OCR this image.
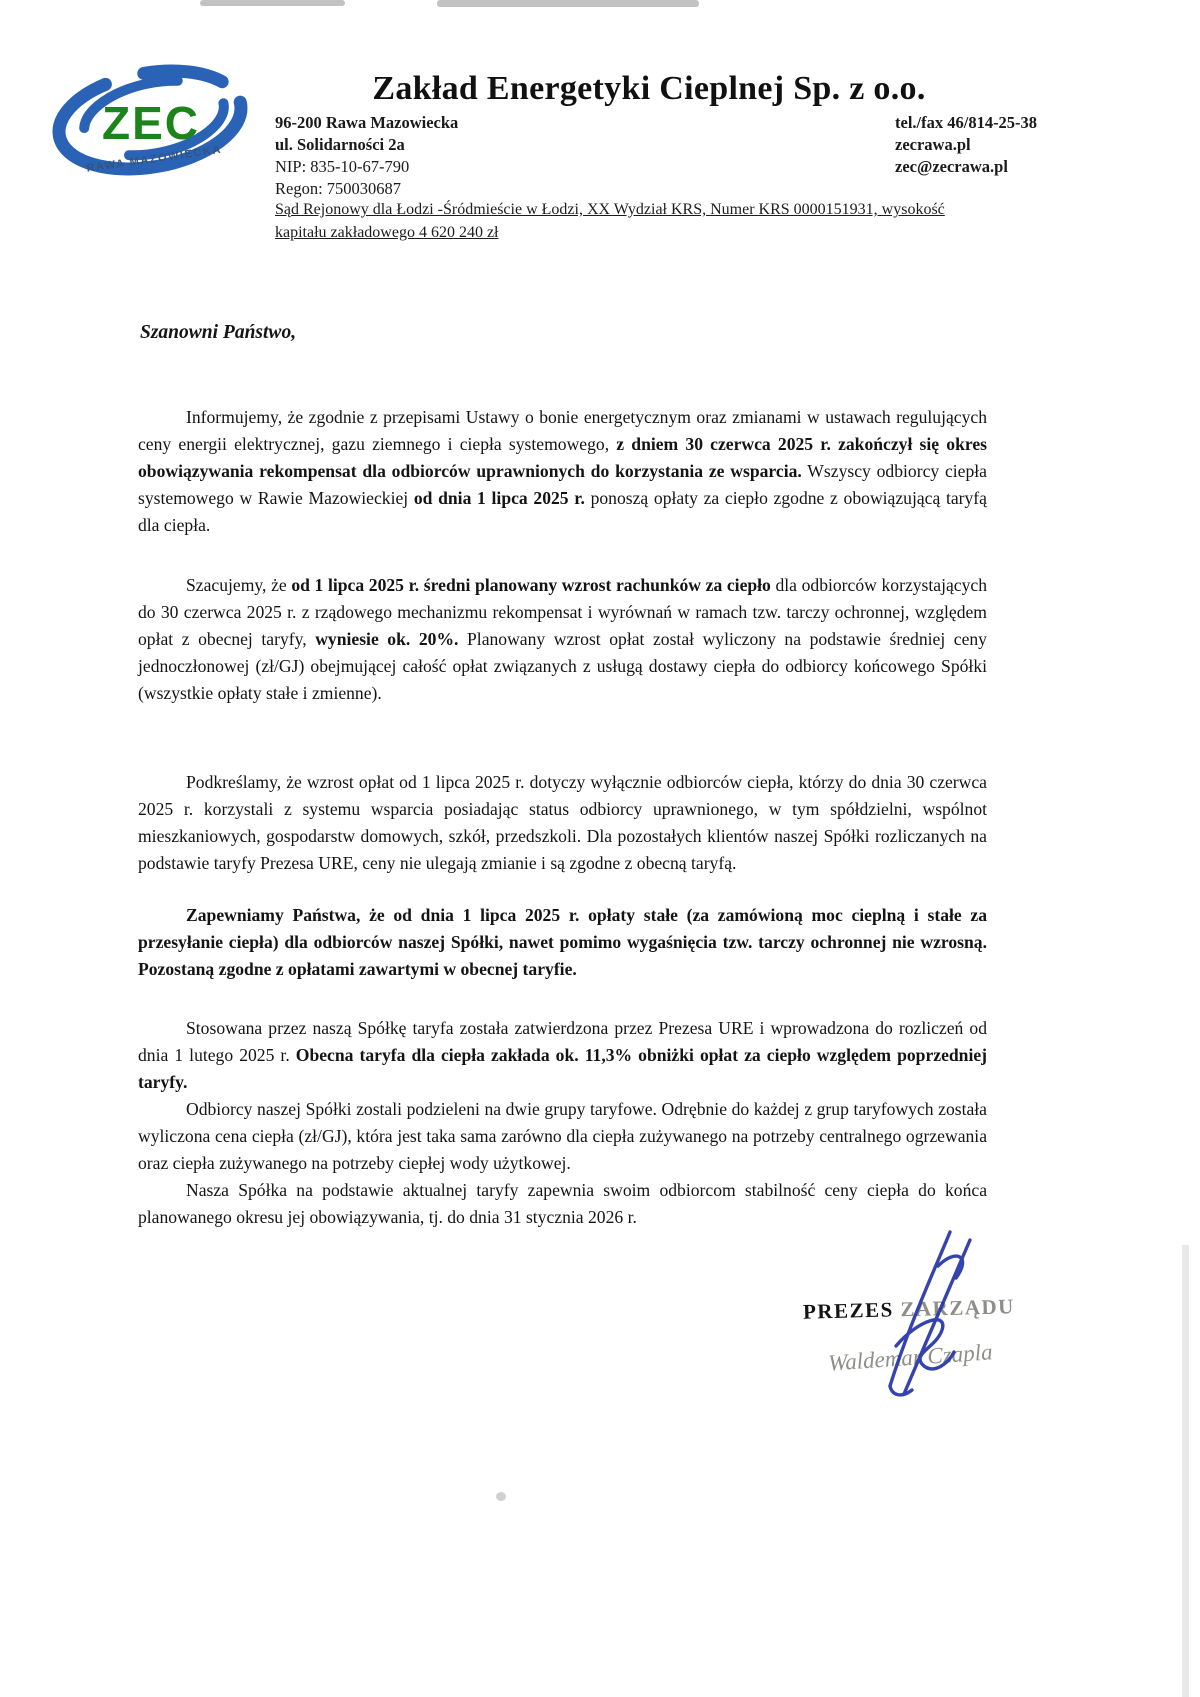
ZEC
RAWA MAZOWIECKA
Zakład Energetyki Cieplnej Sp. z o.o.
96-200 Rawa Mazowiecka
ul. Solidarności 2a
NIP: 835-10-67-790
Regon: 750030687
tel./fax 46/814-25-38
zecrawa.pl
zec@zecrawa.pl
Sąd Rejonowy dla Łodzi -Śródmieście w Łodzi, XX Wydział KRS, Numer KRS 0000151931, wysokość
kapitału zakładowego 4 620 240 zł
Szanowni Państwo,

Informujemy, że zgodnie z przepisami Ustawy o bonie energetycznym oraz zmianami w ustawach regulujących ceny energii elektrycznej, gazu ziemnego i ciepła systemowego, z dniem 30 czerwca 2025 r. zakończył się okres obowiązywania rekompensat dla odbiorców uprawnionych do korzystania ze wsparcia. Wszyscy odbiorcy ciepła systemowego w Rawie Mazowieckiej od dnia 1 lipca 2025 r. ponoszą opłaty za ciepło zgodne z obowiązującą taryfą dla ciepła.

Szacujemy, że od 1 lipca 2025 r. średni planowany wzrost rachunków za ciepło dla odbiorców korzystających do 30 czerwca 2025 r. z rządowego mechanizmu rekompensat i wyrównań w ramach tzw. tarczy ochronnej, względem opłat z obecnej taryfy, wyniesie ok. 20%. Planowany wzrost opłat został wyliczony na podstawie średniej ceny jednoczłonowej (zł/GJ) obejmującej całość opłat związanych z usługą dostawy ciepła do odbiorcy końcowego Spółki (wszystkie opłaty stałe i zmienne).

Podkreślamy, że wzrost opłat od 1 lipca 2025 r. dotyczy wyłącznie odbiorców ciepła, którzy do dnia 30 czerwca 2025 r. korzystali z systemu wsparcia posiadając status odbiorcy uprawnionego, w tym spółdzielni, wspólnot mieszkaniowych, gospodarstw domowych, szkół, przedszkoli. Dla pozostałych klientów naszej Spółki rozliczanych na podstawie taryfy Prezesa URE, ceny nie ulegają zmianie i są zgodne z obecną taryfą.

Zapewniamy Państwa, że od dnia 1 lipca 2025 r. opłaty stałe (za zamówioną moc cieplną i stałe za przesyłanie ciepła) dla odbiorców naszej Spółki, nawet pomimo wygaśnięcia tzw. tarczy ochronnej nie wzrosną. Pozostaną zgodne z opłatami zawartymi w obecnej taryfie.

Stosowana przez naszą Spółkę taryfa została zatwierdzona przez Prezesa URE i wprowadzona do rozliczeń od dnia 1 lutego 2025 r. Obecna taryfa dla ciepła zakłada ok. 11,3% obniżki opłat za ciepło względem poprzedniej taryfy.

Odbiorcy naszej Spółki zostali podzieleni na dwie grupy taryfowe. Odrębnie do każdej z grup taryfowych została wyliczona cena ciepła (zł/GJ), która jest taka sama zarówno dla ciepła zużywanego na potrzeby centralnego ogrzewania oraz ciepła zużywanego na potrzeby ciepłej wody użytkowej.

Nasza Spółka na podstawie aktualnej taryfy zapewnia swoim odbiorcom stabilność ceny ciepła do końca planowanego okresu jej obowiązywania, tj. do dnia 31 stycznia 2026 r.

PREZES ZARZĄDU
Waldemar Czapla
